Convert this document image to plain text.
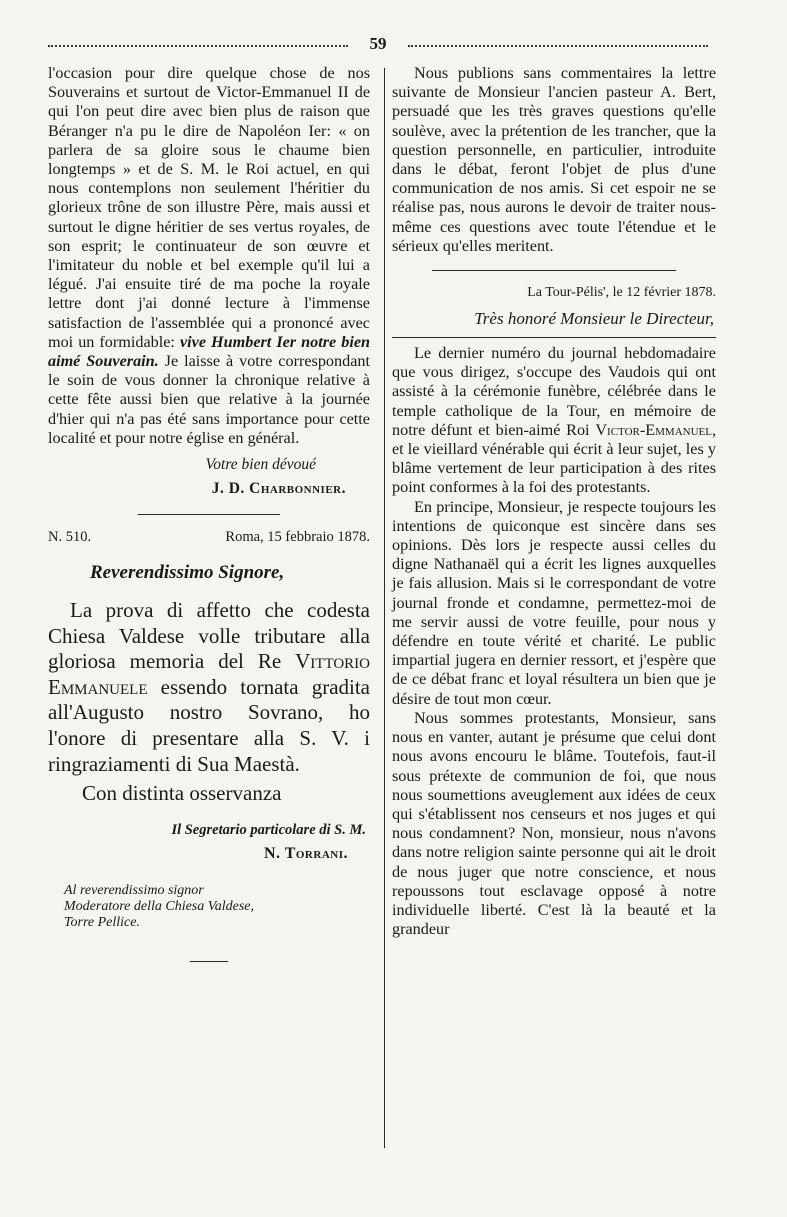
59

l'occasion pour dire quelque chose de nos Souverains et surtout de Victor-Emmanuel II de qui l'on peut dire avec bien plus de raison que Béranger n'a pu le dire de Napoléon Ier: « on parlera de sa gloire sous le chaume bien longtemps » et de S. M. le Roi actuel, en qui nous contemplons non seulement l'héritier du glorieux trône de son illustre Père, mais aussi et surtout le digne héritier de ses vertus royales, de son esprit; le continuateur de son œuvre et l'imitateur du noble et bel exemple qu'il lui a légué. J'ai ensuite tiré de ma poche la royale lettre dont j'ai donné lecture à l'immense satisfaction de l'assemblée qui a prononcé avec moi un formidable: vive Humbert Ier notre bien aimé Souverain. Je laisse à votre correspondant le soin de vous donner la chronique relative à cette fête aussi bien que relative à la journée d'hier qui n'a pas été sans importance pour cette localité et pour notre église en général.

Votre bien dévoué
J. D. Charbonnier.
N. 510.	Roma, 15 febbraio 1878.
Reverendissimo Signore,

La prova di affetto che codesta Chiesa Valdese volle tributare alla gloriosa memoria del Re Vittorio Emmanuele essendo tornata gradita all'Augusto nostro Sovrano, ho l'onore di presentare alla S. V. i ringraziamenti di Sua Maestà.

Con distinta osservanza
Il Segretario particolare di S. M.
N. Torrani.
Al reverendissimo signor Moderatore della Chiesa Valdese, Torre Pellice.

Nous publions sans commentaires la lettre suivante de Monsieur l'ancien pasteur A. Bert, persuadé que les très graves questions qu'elle soulève, avec la prétention de les trancher, que la question personnelle, en particulier, introduite dans le débat, feront l'objet de plus d'une communication de nos amis. Si cet espoir ne se réalise pas, nous aurons le devoir de traiter nous-même ces questions avec toute l'étendue et le sérieux qu'elles meritent.

La Tour-Pélis', le 12 février 1878.
Très honoré Monsieur le Directeur,

Le dernier numéro du journal hebdomadaire que vous dirigez, s'occupe des Vaudois qui ont assisté à la cérémonie funèbre, célébrée dans le temple catholique de la Tour, en mémoire de notre défunt et bien-aimé Roi Victor-Emmanuel, et le vieillard vénérable qui écrit à leur sujet, les y blâme vertement de leur participation à des rites point conformes à la foi des protestants.

En principe, Monsieur, je respecte toujours les intentions de quiconque est sincère dans ses opinions. Dès lors je respecte aussi celles du digne Nathanaël qui a écrit les lignes auxquelles je fais allusion. Mais si le correspondant de votre journal fronde et condamne, permettez-moi de me servir aussi de votre feuille, pour nous y défendre en toute vérité et charité. Le public impartial jugera en dernier ressort, et j'espère que de ce débat franc et loyal résultera un bien que je désire de tout mon cœur.

Nous sommes protestants, Monsieur, sans nous en vanter, autant je présume que celui dont nous avons encouru le blâme. Toutefois, faut-il sous prétexte de communion de foi, que nous nous soumettions aveuglement aux idées de ceux qui s'établissent nos censeurs et nos juges et qui nous condamnent? Non, monsieur, nous n'avons dans notre religion sainte personne qui ait le droit de nous juger que notre conscience, et nous repoussons tout esclavage opposé à notre individuelle liberté. C'est là la beauté et la grandeur
